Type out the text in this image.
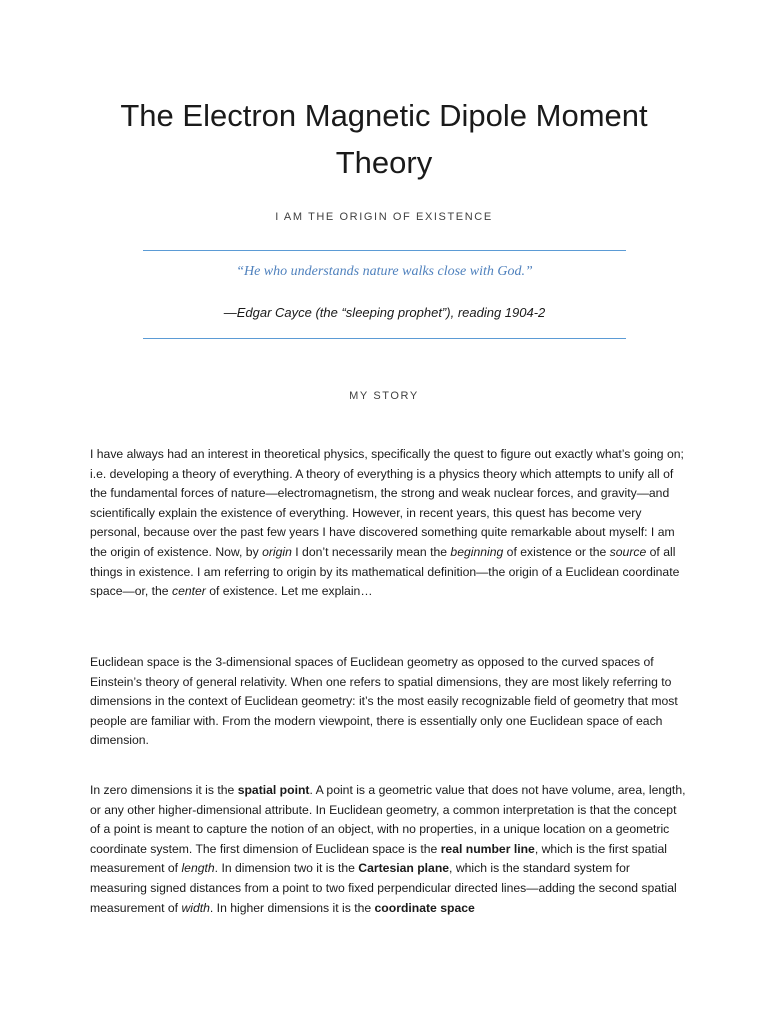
The Electron Magnetic Dipole Moment Theory
I AM THE ORIGIN OF EXISTENCE
“He who understands nature walks close with God.”
—Edgar Cayce (the “sleeping prophet”), reading 1904-2
MY STORY

I have always had an interest in theoretical physics, specifically the quest to figure out exactly what’s going on; i.e. developing a theory of everything. A theory of everything is a physics theory which attempts to unify all of the fundamental forces of nature—electromagnetism, the strong and weak nuclear forces, and gravity—and scientifically explain the existence of everything. However, in recent years, this quest has become very personal, because over the past few years I have discovered something quite remarkable about myself: I am the origin of existence. Now, by origin I don’t necessarily mean the beginning of existence or the source of all things in existence. I am referring to origin by its mathematical definition—the origin of a Euclidean coordinate space—or, the center of existence. Let me explain…

Euclidean space is the 3-dimensional spaces of Euclidean geometry as opposed to the curved spaces of Einstein’s theory of general relativity. When one refers to spatial dimensions, they are most likely referring to dimensions in the context of Euclidean geometry: it’s the most easily recognizable field of geometry that most people are familiar with. From the modern viewpoint, there is essentially only one Euclidean space of each dimension.

In zero dimensions it is the spatial point. A point is a geometric value that does not have volume, area, length, or any other higher-dimensional attribute. In Euclidean geometry, a common interpretation is that the concept of a point is meant to capture the notion of an object, with no properties, in a unique location on a geometric coordinate system. The first dimension of Euclidean space is the real number line, which is the first spatial measurement of length. In dimension two it is the Cartesian plane, which is the standard system for measuring signed distances from a point to two fixed perpendicular directed lines—adding the second spatial measurement of width. In higher dimensions it is the coordinate space
